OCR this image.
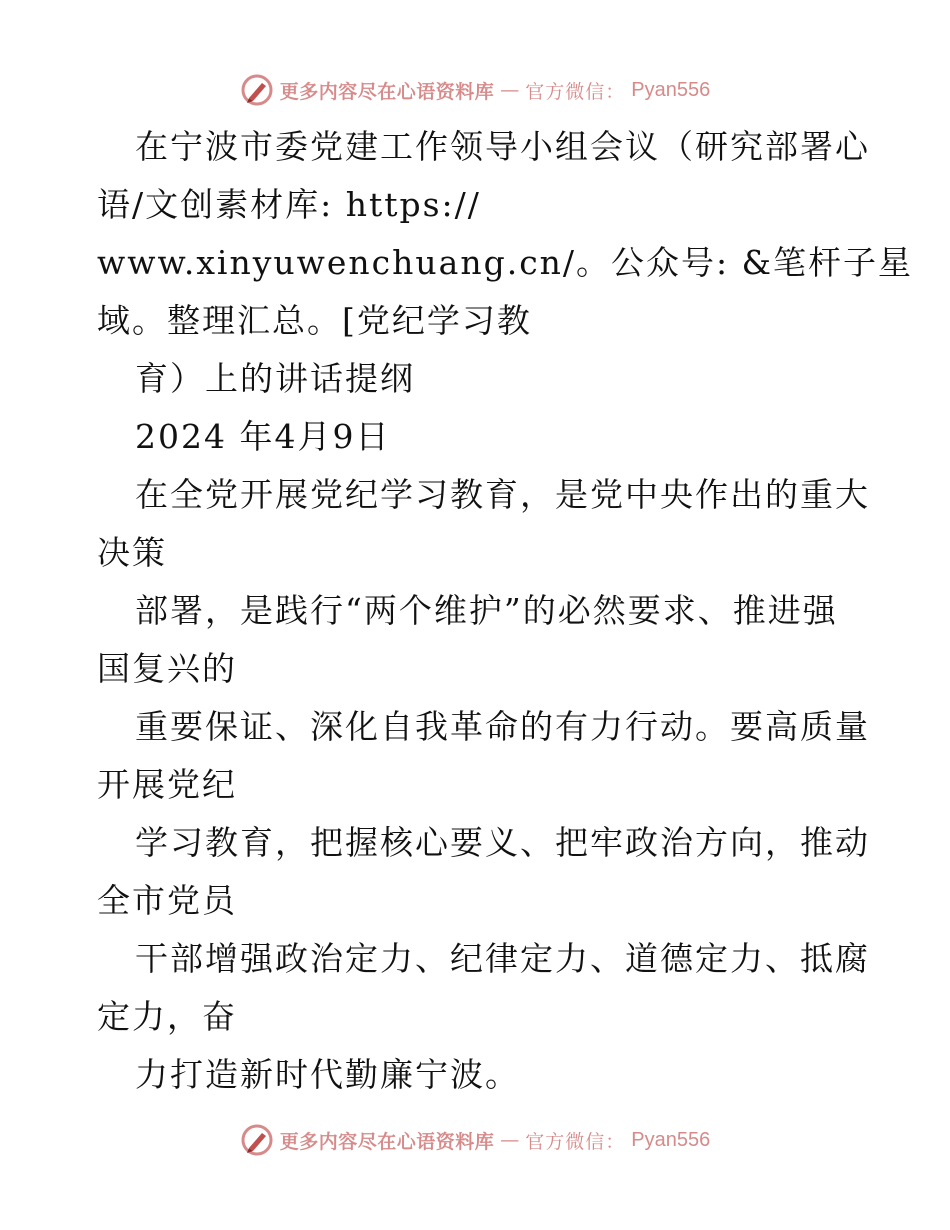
更多内容尽在心语资料库 — 官方微信： Pyan556
在宁波市委党建工作领导小组会议（研究部署心
语/文创素材库: https://
www.xinyuwenchuang.cn/。公众号: &笔杆子星
域。整理汇总。[党纪学习教
育）上的讲话提纲
2024 年4月9日
在全党开展党纪学习教育，是党中央作出的重大
决策
部署，是践行“两个维护”的必然要求、推进强
国复兴的
重要保证、深化自我革命的有力行动。要高质量
开展党纪
学习教育，把握核心要义、把牢政治方向，推动
全市党员
干部增强政治定力、纪律定力、道德定力、抵腐
定力，奋
力打造新时代勤廉宁波。
更多内容尽在心语资料库 — 官方微信： Pyan556
